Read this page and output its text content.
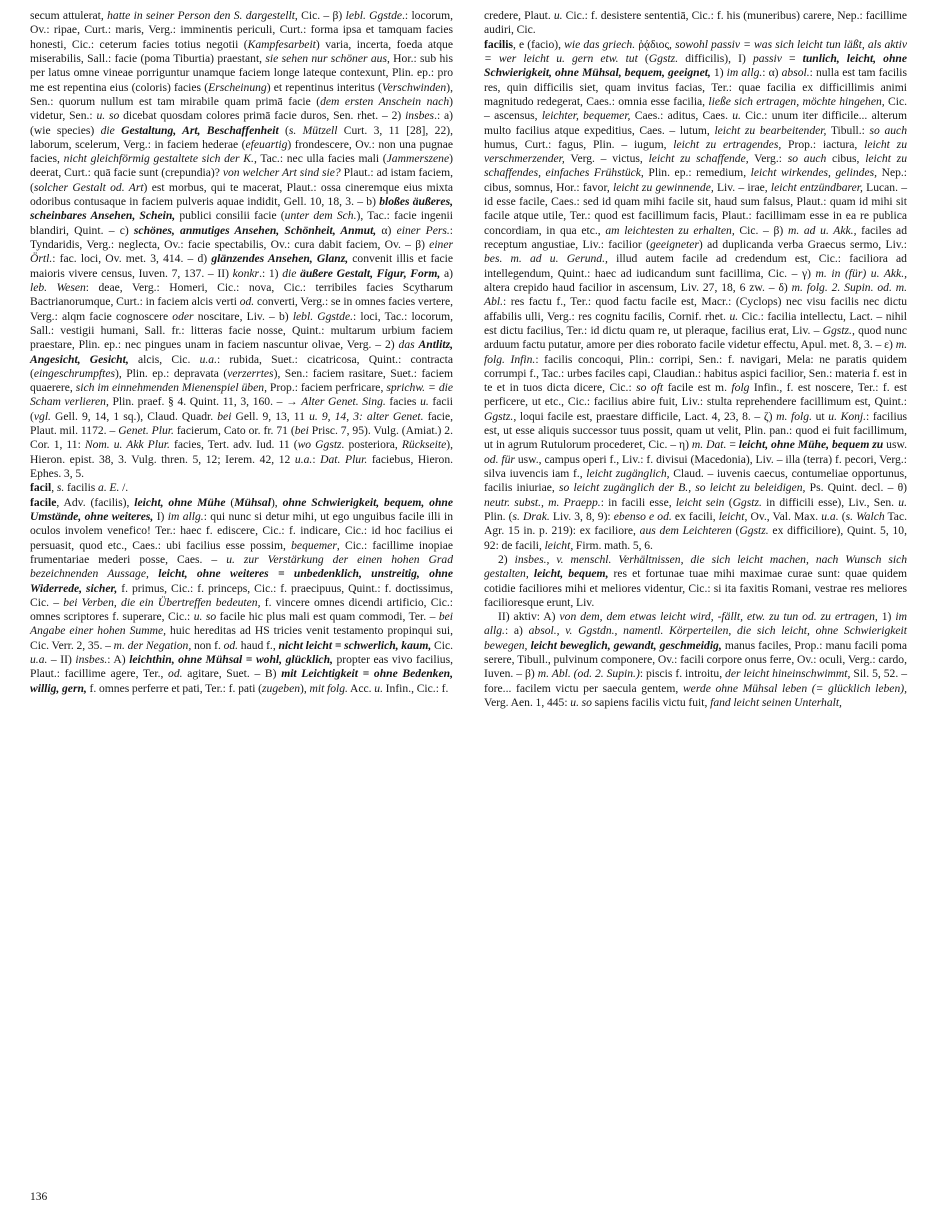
secum attulerat, hatte in seiner Person den S. dargestellt, Cic. – β) lebl. Ggstde.: locorum, Ov.: ripae, Curt.: maris, Verg.: imminentis periculi, Curt.: forma ipsa et tamquam facies honesti, Cic.: ceterum facies totius negotii (Kampfesarbeit) varia, incerta, foeda atque miserabilis, Sall.: facie (poma Tiburtia) praestant, sie sehen nur schöner aus, Hor.: sub his per latus omne vineae porriguntur unamque faciem longe lateque contexunt, Plin. ep.: pro me est repentina eius (coloris) facies (Erscheinung) et repentinus interitus (Verschwinden), Sen.: quorum nullum est tam mirabile quam primā facie (dem ersten Anschein nach) videtur, Sen.: u. so dicebat quosdam colores primā facie duros, Sen. rhet. – 2) insbes.: a) (wie species) die Gestaltung, Art, Beschaffenheit (s. Mützell Curt. 3, 11 [28], 22), laborum, scelerum, Verg.: in faciem hederae (efeuartig) frondescere, Ov.: non una pugnae facies, nicht gleichförmig gestaltete sich der K., Tac.: nec ulla facies mali (Jammerszene) deerat, Curt.: quā facie sunt (crepundia)? von welcher Art sind sie? Plaut.: ad istam faciem, (solcher Gestalt od. Art) est morbus, qui te macerat, Plaut.: ossa cineremque eius mixta odoribus contusaque in faciem pulveris aquae indidit, Gell. 10, 18, 3. – b) bloßes äußeres, scheinbares Ansehen, Schein, publici consilii facie (unter dem Sch.), Tac.: facie ingenii blandiri, Quint. – c) schönes, anmutiges Ansehen, Schönheit, Anmut, α) einer Pers.: Tyndaridis, Verg.: neglecta, Ov.: facie spectabilis, Ov.: cura dabit faciem, Ov. – β) einer Örtl.: fac. loci, Ov. met. 3, 414. – d) glänzendes Ansehen, Glanz, convenit illis et facie maioris vivere census, Iuven. 7, 137. – II) konkr.: 1) die äußere Gestalt, Figur, Form, a) leb. Wesen: deae, Verg.: Homeri, Cic.: nova, Cic.: terribiles facies Scytharum Bactrianorumque, Curt.: in faciem alcis verti od. converti, Verg.: se in omnes facies vertere, Verg.: alqm facie cognoscere oder noscitare, Liv. – b) lebl. Ggstde.: loci, Tac.: locorum, Sall.: vestigii humani, Sall. fr.: litteras facie nosse, Quint.: multarum urbium faciem praestare, Plin. ep.: nec pingues unam in faciem nascuntur olivae, Verg. – 2) das Antlitz, Angesicht, Gesicht, alcis, Cic. u.a.: rubida, Suet.: cicatricosa, Quint.: contracta (eingeschrumpftes), Plin. ep.: depravata (verzerrtes), Sen.: faciem rasitare, Suet.: faciem quaerere, sich im einnehmenden Mienenspiel üben, Prop.: faciem perfricare, sprichw. = die Scham verlieren, Plin. praef. § 4. Quint. 11, 3, 160. – → Alter Genet. Sing. facies u. facii (vgl. Gell. 9, 14, 1 sq.), Claud. Quadr. bei Gell. 9, 13, 11 u. 9, 14, 3: alter Genet. facie, Plaut. mil. 1172. – Genet. Plur. facierum, Cato or. fr. 71 (bei Prisc. 7, 95). Vulg. (Amiat.) 2. Cor. 1, 11: Nom. u. Akk Plur. facies, Tert. adv. Iud. 11 (wo Ggstz. posteriora, Rückseite), Hieron. epist. 38, 3. Vulg. thren. 5, 12; Ierem. 42, 12 u.a.: Dat. Plur. faciebus, Hieron. Ephes. 3, 5.

facil, s. facilis a. E. /.

facile, Adv. (facilis), leicht, ohne Mühe (Mühsal), ohne Schwierigkeit, bequem, ohne Umstände, ohne weiteres, I) im allg.: qui nunc si detur mihi, ut ego unguibus facile illi in oculos involem venefico! Ter.: haec f. ediscere, Cic.: f. indicare, Cic.: id hoc facilius ei persuasit, quod etc., Caes.: ubi facilius esse possim, bequemer, Cic.: facillime inopiae frumentariae mederi posse, Caes. – u. zur Verstärkung der einen hohen Grad bezeichnenden Aussage, leicht, ohne weiteres = unbedenklich, unstreitig, ohne Widerrede, sicher, f. primus, Cic.: f. princeps, Cic.: f. praecipuus, Quint.: f. doctissimus, Cic. – bei Verben, die ein Übertreffen bedeuten, f. vincere omnes dicendi artificio, Cic.: omnes scriptores f. superare, Cic.: u. so facile hic plus mali est quam commodi, Ter. – bei Angabe einer hohen Summe, huic hereditas ad HS tricies venit testamento propinqui sui, Cic. Verr. 2, 35. – m. der Negation, non f. od. haud f., nicht leicht = schwerlich, kaum, Cic. u.a. – II) insbes.: A) leichthin, ohne Mühsal = wohl, glücklich, propter eas vivo facilius, Plaut.: facillime agere, Ter., od. agitare, Suet. – B) mit Leichtigkeit = ohne Bedenken, willig, gern, f. omnes perferre et pati, Ter.: f. pati (zugeben), mit folg. Acc. u. Infin., Cic.: f.

credere, Plaut. u. Cic.: f. desistere sententiā, Cic.: f. his (muneribus) carere, Nep.: facillime audiri, Cic.

facilis, e (facio), wie das griech. ῥᾴδιος, sowohl passiv = was sich leicht tun läßt, als aktiv = wer leicht u. gern etw. tut (Ggstz. difficilis), I) passiv = tunlich, leicht, ohne Schwierigkeit, ohne Mühsal, bequem, geeignet, 1) im allg.: α) absol.: nulla est tam facilis res, quin difficilis siet, quam invitus facias, Ter.: quae facilia ex difficillimis animi magnitudo redegerat, Caes.: omnia esse facilia, ließe sich ertragen, möchte hingehen, Cic. – ascensus, leichter, bequemer, Caes.: aditus, Caes. u. Cic.: unum iter difficile... alterum multo facilius atque expeditius, Caes. – lutum, leicht zu bearbeitender, Tibull.: so auch humus, Curt.: fagus, Plin. – iugum, leicht zu ertragendes, Prop.: iactura, leicht zu verschmerzender, Verg. – victus, leicht zu schaffende, Verg.: so auch cibus, leicht zu schaffendes, einfaches Frühstück, Plin. ep.: remedium, leicht wirkendes, gelindes, Nep.: cibus, somnus, Hor.: favor, leicht zu gewinnende, Liv. – irae, leicht entzündbarer, Lucan. – id esse facile, Caes.: sed id quam mihi facile sit, haud sum falsus, Plaut.: quam id mihi sit facile atque utile, Ter.: quod est facillimum facis, Plaut.: facillimam esse in ea re publica concordiam, in qua etc., am leichtesten zu erhalten, Cic. – β) m. ad u. Akk., faciles ad receptum angustiae, Liv.: facilior (geeigneter) ad duplicanda verba Graecus sermo, Liv.: bes. m. ad u. Gerund., illud autem facile ad credendum est, Cic.: faciliora ad intellegendum, Quint.: haec ad iudicandum sunt facillima, Cic. – γ) m. in (für) u. Akk., altera crepido haud facilior in ascensum, Liv. 27, 18, 6 zw. – δ) m. folg. 2. Supin. od. m. Abl.: res factu f., Ter.: quod factu facile est, Macr.: (Cyclops) nec visu facilis nec dictu affabilis ulli, Verg.: res cognitu facilis, Cornif. rhet. u. Cic.: facilia intellectu, Lact. – nihil est dictu facilius, Ter.: id dictu quam re, ut pleraque, facilius erat, Liv. – Ggstz., quod nunc arduum factu putatur, amore per dies roborato facile videtur effectu, Apul. met. 8, 3. – ε) m. folg. Infin.: facilis concoqui, Plin.: corripi, Sen.: f. navigari, Mela: ne paratis quidem corrumpi f., Tac.: urbes faciles capi, Claudian.: habitus aspici facilior, Sen.: materia f. est in te et in tuos dicta dicere, Cic.: so oft facile est m. folg Infin., f. est noscere, Ter.: f. est perficere, ut etc., Cic.: facilius abire fuit, Liv.: stulta reprehendere facillimum est, Quint.: Ggstz., loqui facile est, praestare difficile, Lact. 4, 23, 8. – ζ) m. folg. ut u. Konj.: facilius est, ut esse aliquis successor tuus possit, quam ut velit, Plin. pan.: quod ei fuit facillimum, ut in agrum Rutulorum procederet, Cic. – η) m. Dat. = leicht, ohne Mühe, bequem zu usw. od. für usw., campus operi f., Liv.: f. divisui (Macedonia), Liv. – illa (terra) f. pecori, Verg.: silva iuvencis iam f., leicht zugänglich, Claud. – iuvenis caecus, contumeliae opportunus, facilis iniuriae, so leicht zugänglich der B., so leicht zu beleidigen, Ps. Quint. decl. – θ) neutr. subst., m. Praepp.: in facili esse, leicht sein (Ggstz. in difficili esse), Liv., Sen. u. Plin. (s. Drak. Liv. 3, 8, 9): ebenso e od. ex facili, leicht, Ov., Val. Max. u.a. (s. Walch Tac. Agr. 15 in. p. 219): ex faciliore, aus dem Leichteren (Ggstz. ex difficiliore), Quint. 5, 10, 92: de facili, leicht, Firm. math. 5, 6.

2) insbes., v. menschl. Verhältnissen, die sich leicht machen, nach Wunsch sich gestalten, leicht, bequem, res et fortunae tuae mihi maximae curae sunt: quae quidem cotidie faciliores mihi et meliores videntur, Cic.: si ita faxitis Romani, vestrae res meliores facilioresque erunt, Liv.

II) aktiv: A) von dem, dem etwas leicht wird, -fällt, etw. zu tun od. zu ertragen, 1) im allg.: a) absol., v. Ggstdn., namentl. Körperteilen, die sich leicht, ohne Schwierigkeit bewegen, leicht beweglich, gewandt, geschmeidig, manus faciles, Prop.: manu facili poma serere, Tibull., pulvinum componere, Ov.: facili corpore onus ferre, Ov.: oculi, Verg.: cardo, Iuven. – β) m. Abl. (od. 2. Supin.): piscis f. introitu, der leicht hineinschwimmt, Sil. 5, 52. – fore... facilem victu per saecula gentem, werde ohne Mühsal leben (= glücklich leben), Verg. Aen. 1, 445: u. so sapiens facilis victu fuit, fand leicht seinen Unterhalt,

136
